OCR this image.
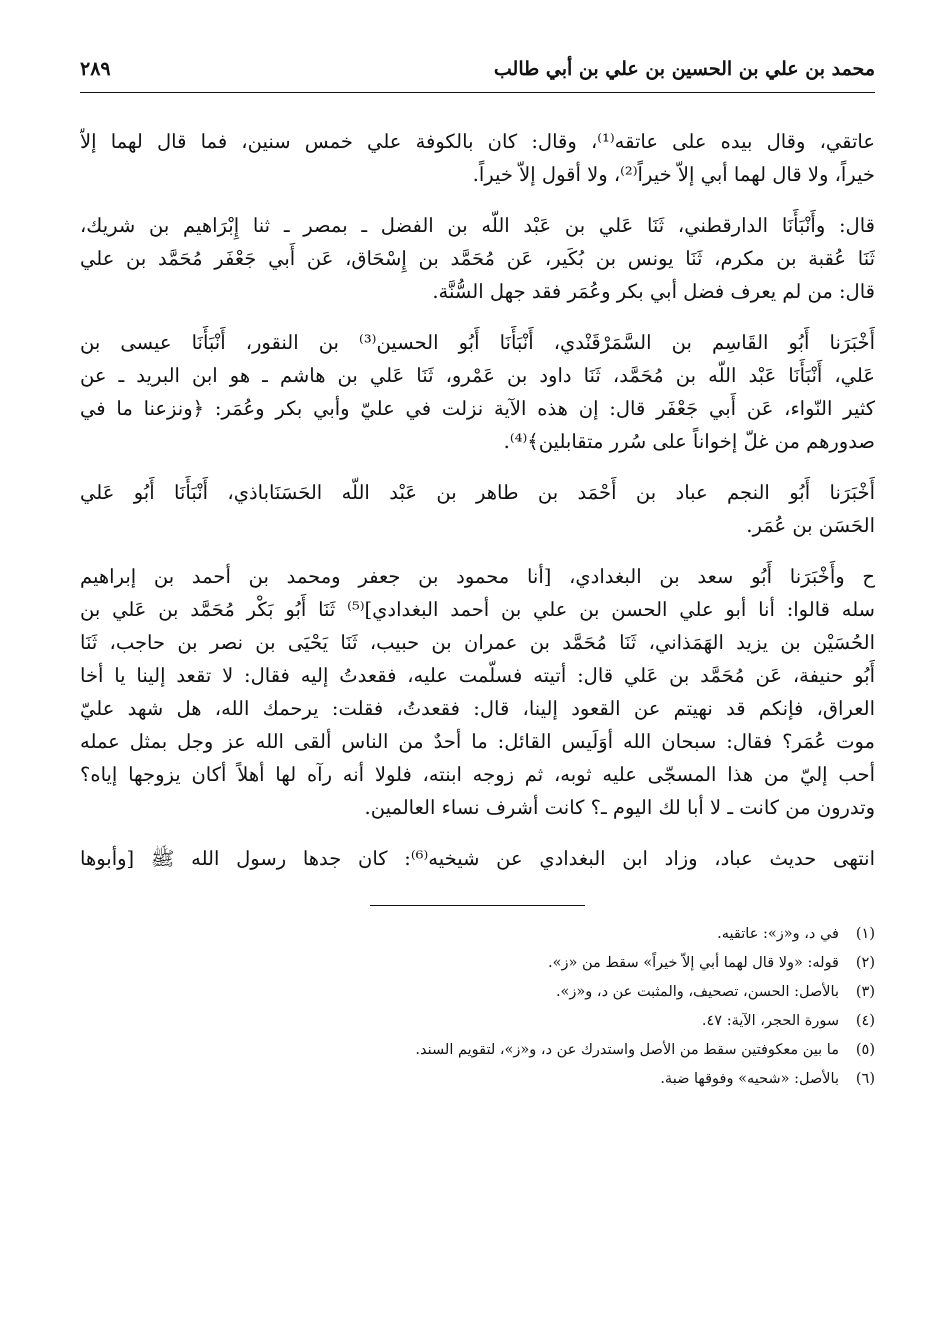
محمد بن علي بن الحسين بن علي بن أبي طالب
٢٨٩
عاتقي، وقال بيده على عاتقه⁽¹⁾، وقال: كان بالكوفة علي خمس سنين، فما قال لهما إلاّ
خيراً، ولا قال لهما أبي إلاّ خيراً⁽²⁾، ولا أقول إلاّ خيراً.
قال: وأَنْبَأَنَا الدارقطني، ثَنَا عَلي بن عَبْد اللّه بن الفضل ـ بمصر ـ ثنا إِبْرَاهيم بن شريك،
ثَنَا عُقبة بن مكرم، ثَنَا يونس بن بُكَير، عَن مُحَمَّد بن إِسْحَاق، عَن أَبي جَعْفَر مُحَمَّد بن علي
قال: من لم يعرف فضل أبي بكر وعُمَر فقد جهل السُّنَّة.
أَخْبَرَنا أَبُو القَاسِم بن السَّمَرْقَنْدي، أَنْبَأَنَا أَبُو الحسين⁽³⁾ بن النقور، أَنْبَأَنَا عيسى بن
عَلي، أَنْبَأَنَا عَبْد اللّه بن مُحَمَّد، ثَنَا داود بن عَمْرو، ثَنَا عَلي بن هاشم ـ هو ابن البريد ـ عن
كثير النّواء، عَن أَبي جَعْفَر قال: إن هذه الآية نزلت في عليّ وأبي بكر وعُمَر: ﴿ونزعنا ما في
صدورهم من غلّ إخواناً على سُرر متقابلين﴾⁽⁴⁾.
أَخْبَرَنا أَبُو النجم عباد بن أَحْمَد بن طاهر بن عَبْد اللّه الحَسَنَاباذي، أَنْبَأَنَا أَبُو عَلي
الحَسَن بن عُمَر.
ح وأَخْبَرَنا أَبُو سعد بن البغدادي، [أنا محمود بن جعفر ومحمد بن أحمد بن إبراهيم
سله قالوا: أنا أبو علي الحسن بن علي بن أحمد البغدادي]⁽⁵⁾ ثَنَا أَبُو بَكْر مُحَمَّد بن عَلي بن
الحُسَيْن بن يزيد الهَمَذاني، ثَنَا مُحَمَّد بن عمران بن حبيب، ثَنَا يَحْيَى بن نصر بن حاجب، ثَنَا
أَبُو حنيفة، عَن مُحَمَّد بن عَلي قال: أتيته فسلّمت عليه، فقعدتُ إليه فقال: لا تقعد إلينا يا أخا
العراق، فإنكم قد نهيتم عن القعود إلينا، قال: فقعدتُ، فقلت: يرحمك الله، هل شهد عليّ
موت عُمَر؟ فقال: سبحان الله أوَلَيس القائل: ما أحدٌ من الناس ألقى الله عز وجل بمثل عمله
أحب إليّ من هذا المسجّى عليه ثوبه، ثم زوجه ابنته، فلولا أنه رآه لها أهلاً أكان يزوجها إياه؟
وتدرون من كانت ـ لا أبا لك اليوم ـ؟ كانت أشرف نساء العالمين.
انتهى حديث عباد، وزاد ابن البغدادي عن شيخيه⁽⁶⁾: كان جدها رسول الله ﷺ [وأبوها
(١)
في د، و«ز»: عاتقيه.
(٢)
قوله: «ولا قال لهما أبي إلاّ خيراً» سقط من «ز».
(٣)
بالأصل: الحسن، تصحيف، والمثبت عن د، و«ز».
(٤)
سورة الحجر، الآية: ٤٧.
(٥)
ما بين معكوفتين سقط من الأصل واستدرك عن د، و«ز»، لتقويم السند.
(٦)
بالأصل: «شحيه» وفوقها ضبة.
